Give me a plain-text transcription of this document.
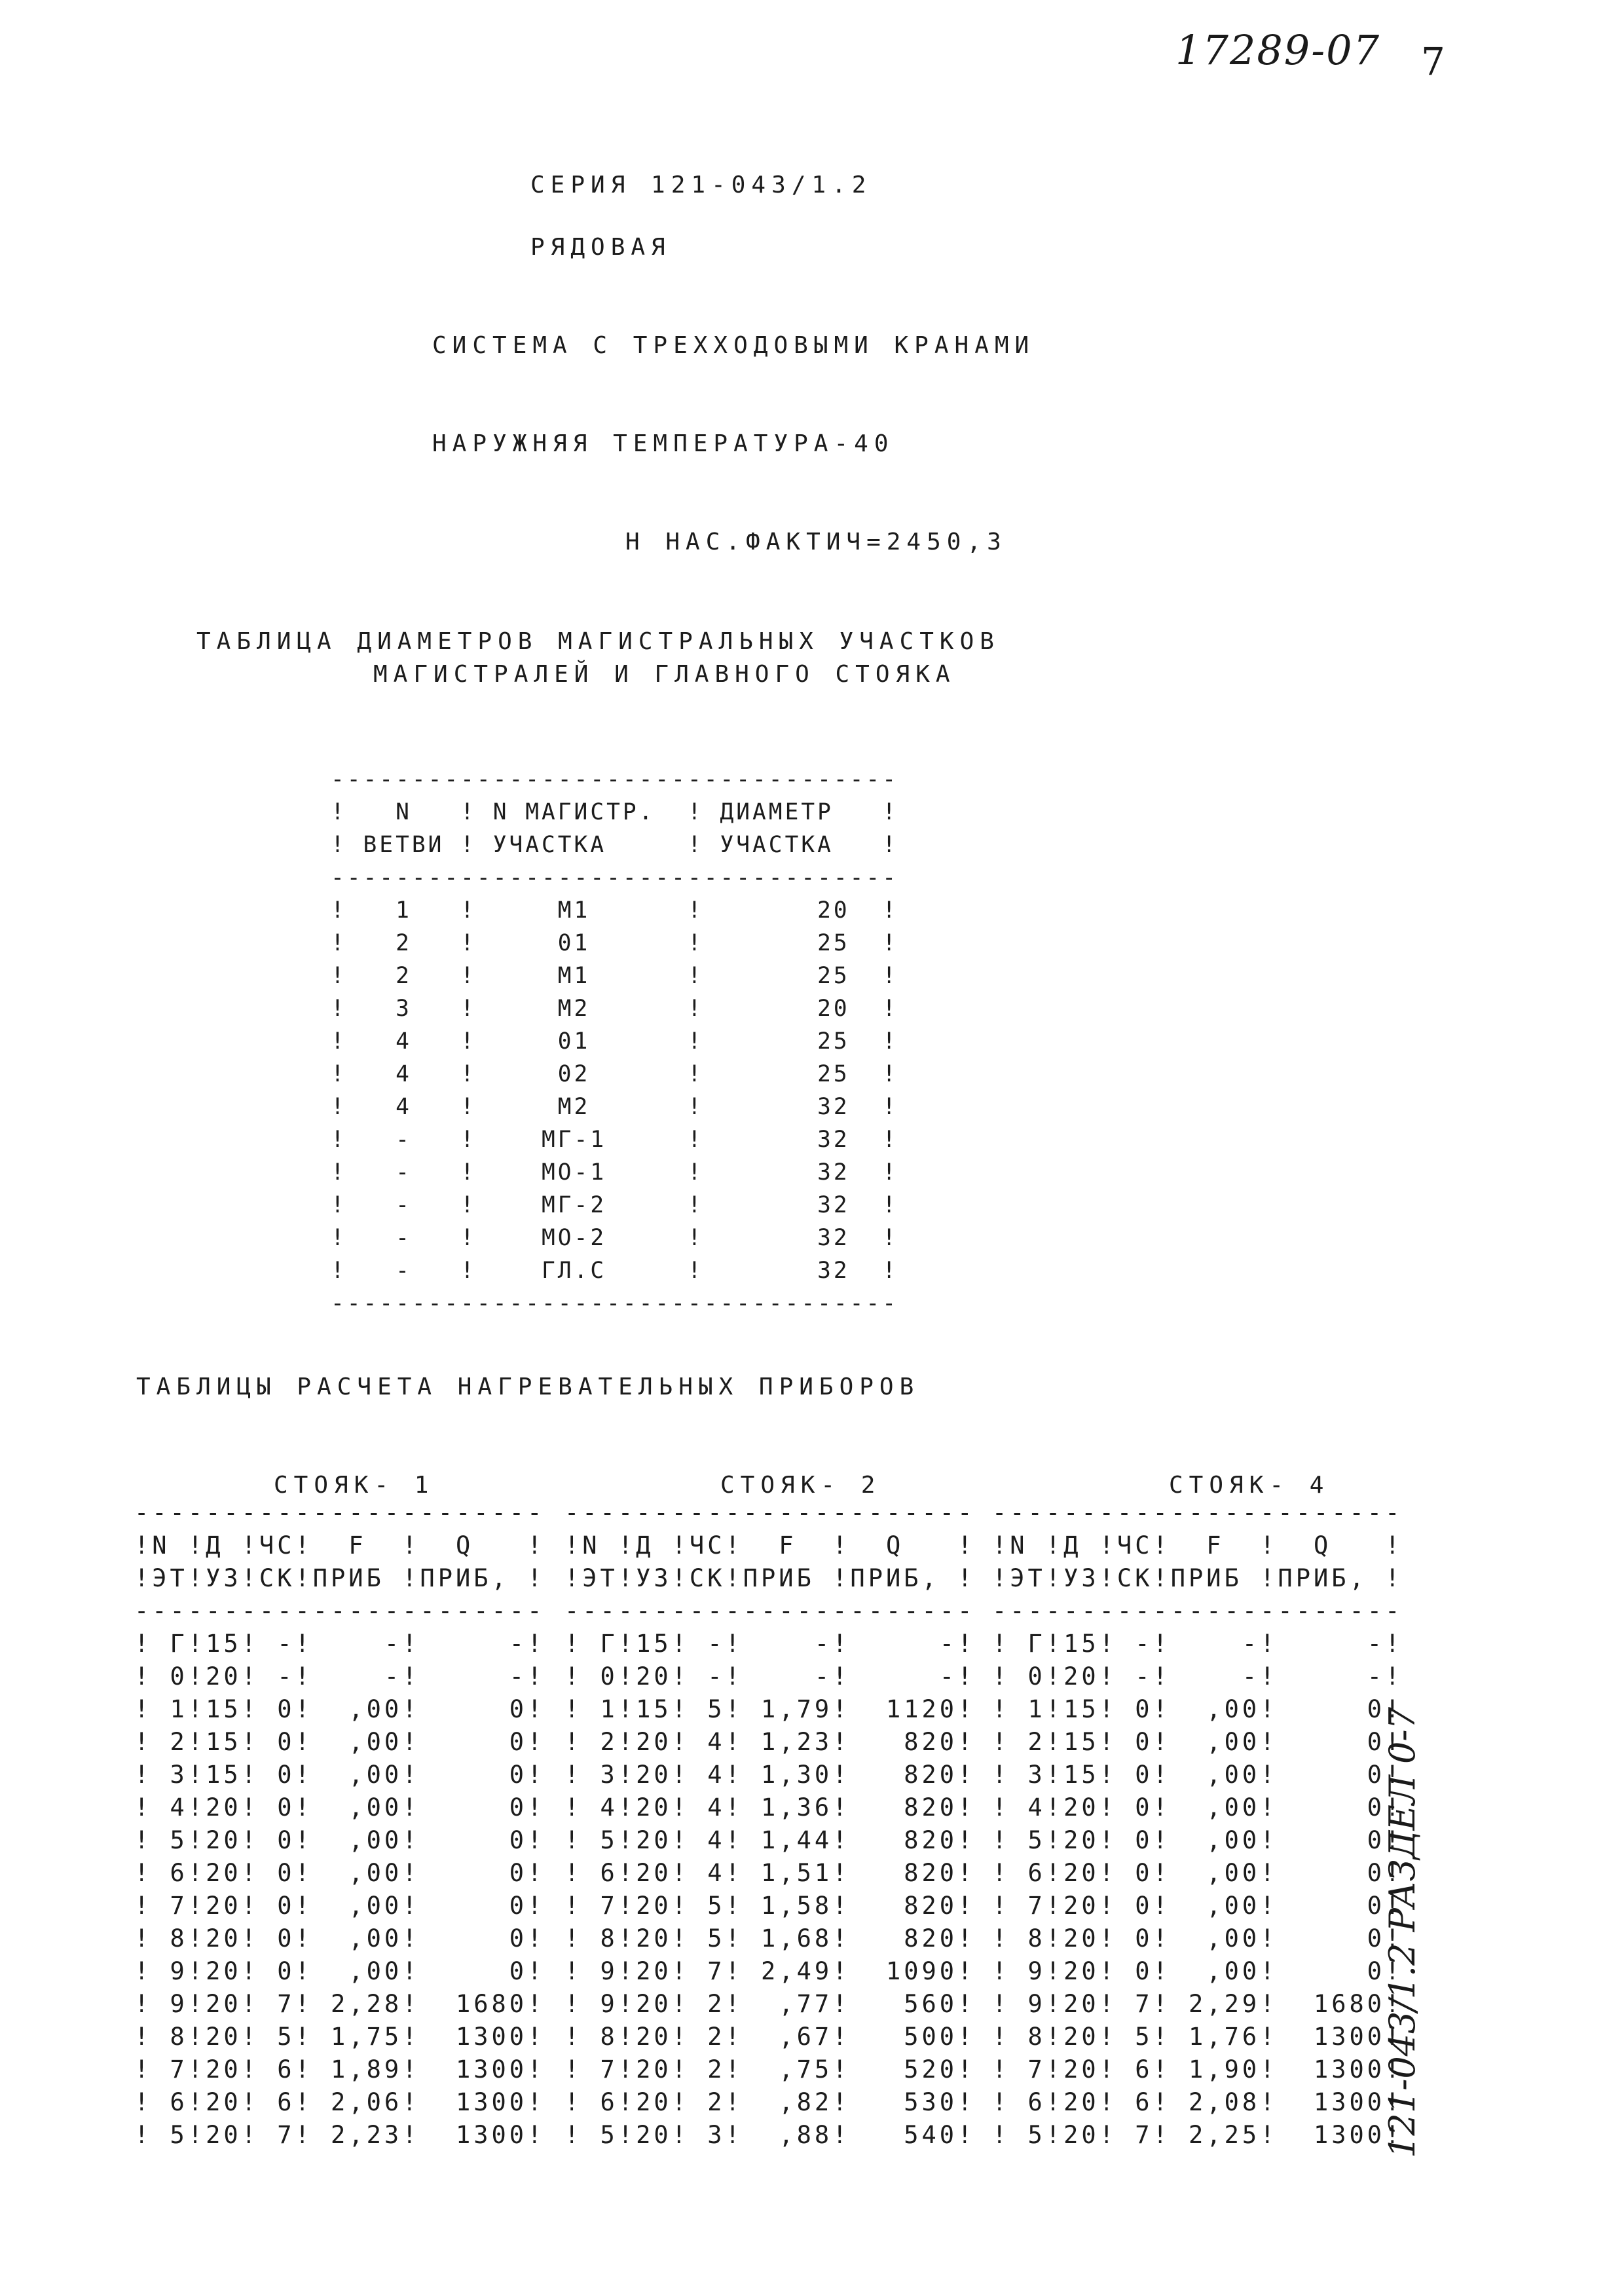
17289-07 7
СЕРИЯ 121-043/1.2
РЯДОВАЯ
СИСТЕМА С ТРЕХХОДОВЫМИ КРАНАМИ
НАРУЖНЯЯ ТЕМПЕРАТУРА-40
Н НАС.ФАКТИЧ=2450,3
ТАБЛИЦА ДИАМЕТРОВ МАГИСТРАЛЬНЫХ УЧАСТКОВ
МАГИСТРАЛЕЙ И ГЛАВНОГО СТОЯКА
-----------------------------------
!   N   ! N МАГИСТР.  ! ДИАМЕТР   !
! ВЕТВИ ! УЧАСТКА     ! УЧАСТКА   !
-----------------------------------
!   1   !     М1      !       20  !
!   2   !     01      !       25  !
!   2   !     М1      !       25  !
!   3   !     М2      !       20  !
!   4   !     01      !       25  !
!   4   !     02      !       25  !
!   4   !     М2      !       32  !
!   -   !    МГ-1     !       32  !
!   -   !    МО-1     !       32  !
!   -   !    МГ-2     !       32  !
!   -   !    МО-2     !       32  !
!   -   !    ГЛ.С     !       32  !
-----------------------------------

ТАБЛИЦЫ РАСЧЕТА НАГРЕВАТЕЛЬНЫХ ПРИБОРОВ
СТОЯК- 1	СТОЯК- 2	СТОЯК- 4
-----------------------
!N !Д !ЧС!  F  !  Q   !
!ЭТ!УЗ!СК!ПРИБ !ПРИБ, !
-----------------------
! Г!15! -!    -!     -!
! 0!20! -!    -!     -!
! 1!15! 0!  ,00!     0!
! 2!15! 0!  ,00!     0!
! 3!15! 0!  ,00!     0!
! 4!20! 0!  ,00!     0!
! 5!20! 0!  ,00!     0!
! 6!20! 0!  ,00!     0!
! 7!20! 0!  ,00!     0!
! 8!20! 0!  ,00!     0!
! 9!20! 0!  ,00!     0!
! 9!20! 7! 2,28!  1680!
! 8!20! 5! 1,75!  1300!
! 7!20! 6! 1,89!  1300!
! 6!20! 6! 2,06!  1300!
! 5!20! 7! 2,23!  1300!

-----------------------
!N !Д !ЧС!  F  !  Q   !
!ЭТ!УЗ!СК!ПРИБ !ПРИБ, !
-----------------------
! Г!15! -!    -!     -!
! 0!20! -!    -!     -!
! 1!15! 5! 1,79!  1120!
! 2!20! 4! 1,23!   820!
! 3!20! 4! 1,30!   820!
! 4!20! 4! 1,36!   820!
! 5!20! 4! 1,44!   820!
! 6!20! 4! 1,51!   820!
! 7!20! 5! 1,58!   820!
! 8!20! 5! 1,68!   820!
! 9!20! 7! 2,49!  1090!
! 9!20! 2!  ,77!   560!
! 8!20! 2!  ,67!   500!
! 7!20! 2!  ,75!   520!
! 6!20! 2!  ,82!   530!
! 5!20! 3!  ,88!   540!

-----------------------
!N !Д !ЧС!  F  !  Q   !
!ЭТ!УЗ!СК!ПРИБ !ПРИБ, !
-----------------------
! Г!15! -!    -!     -!
! 0!20! -!    -!     -!
! 1!15! 0!  ,00!     0!
! 2!15! 0!  ,00!     0!
! 3!15! 0!  ,00!     0!
! 4!20! 0!  ,00!     0!
! 5!20! 0!  ,00!     0!
! 6!20! 0!  ,00!     0!
! 7!20! 0!  ,00!     0!
! 8!20! 0!  ,00!     0!
! 9!20! 0!  ,00!     0!
! 9!20! 7! 2,29!  1680!
! 8!20! 5! 1,76!  1300!
! 7!20! 6! 1,90!  1300!
! 6!20! 6! 2,08!  1300!
! 5!20! 7! 2,25!  1300!

121-043/1.2 РАЗДЕЛ 0-7
